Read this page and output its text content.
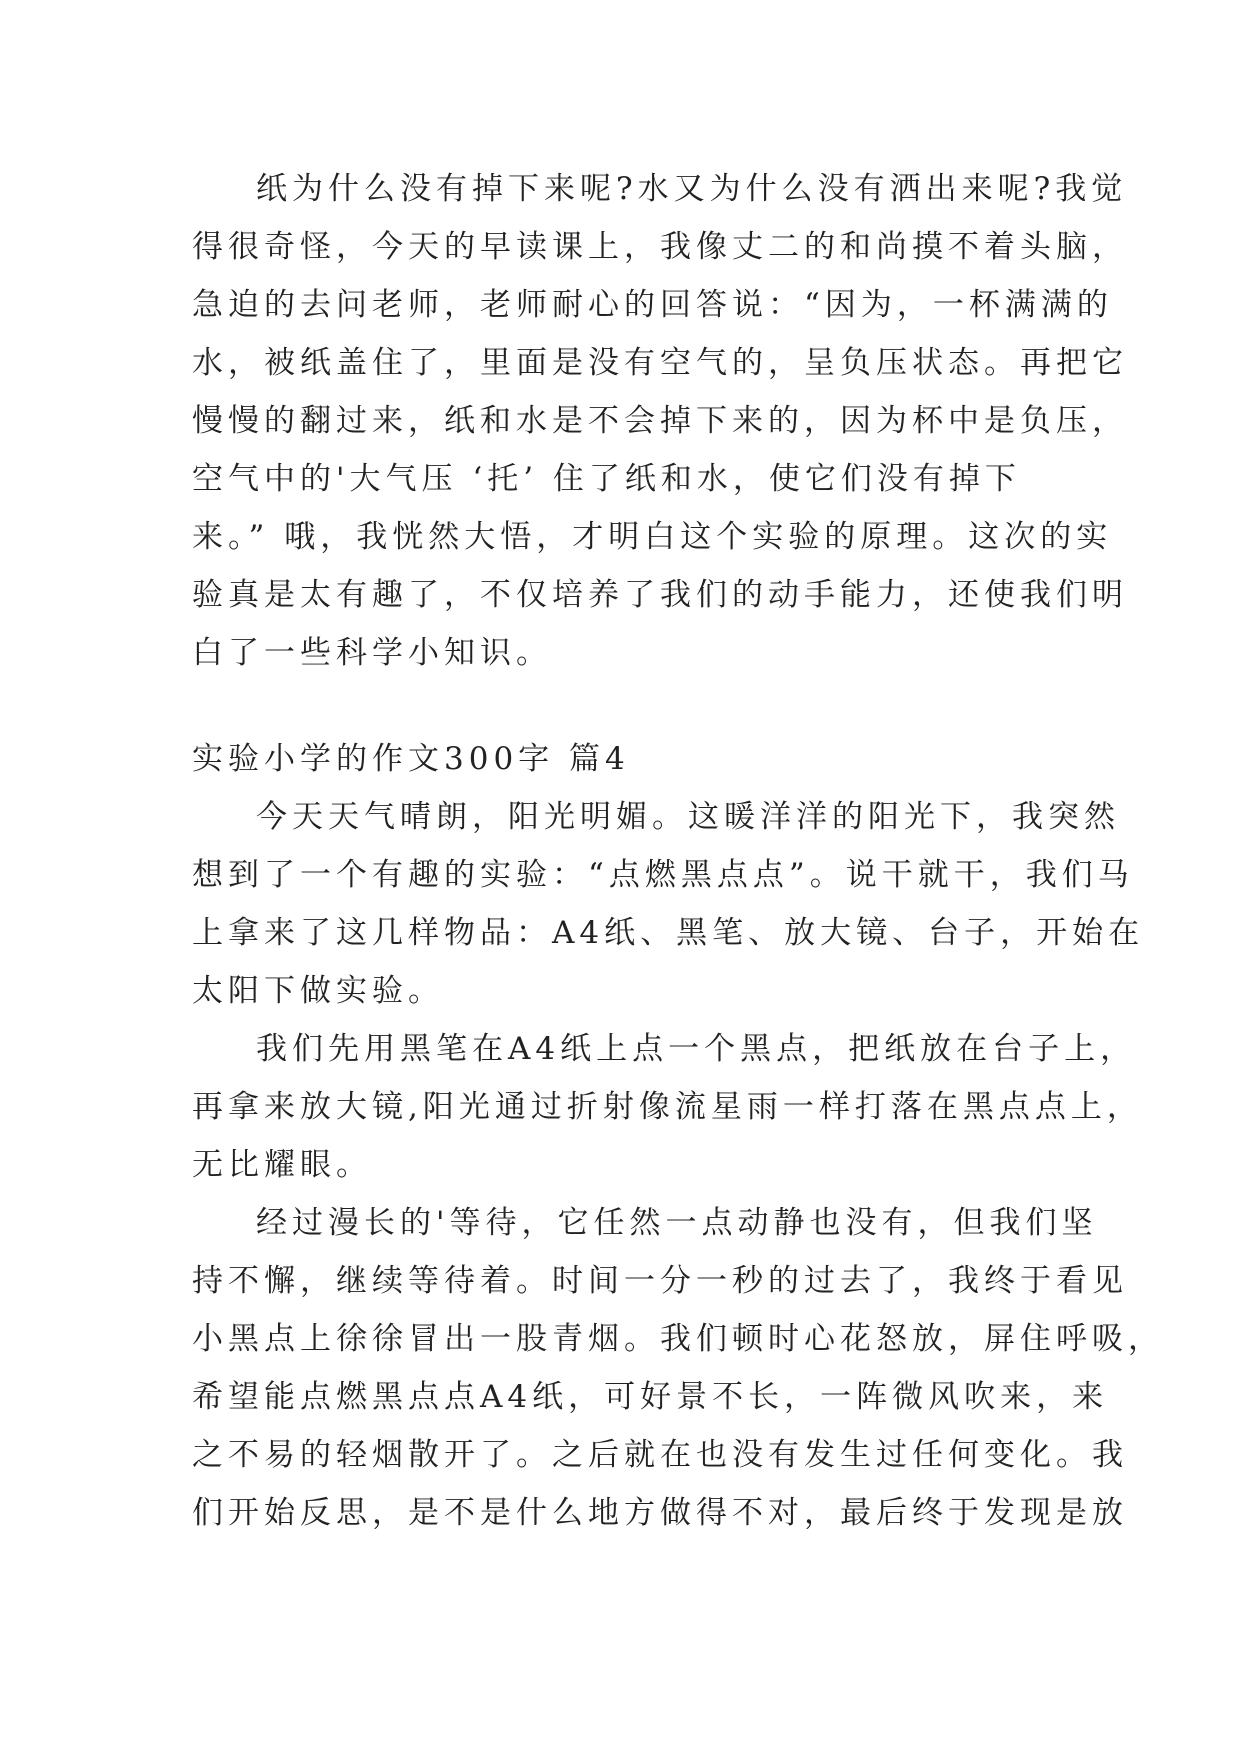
纸为什么没有掉下来呢?水又为什么没有洒出来呢?我觉
得很奇怪，今天的早读课上，我像丈二的和尚摸不着头脑，
急迫的去问老师，老师耐心的回答说：“因为，一杯满满的
水，被纸盖住了，里面是没有空气的，呈负压状态。再把它
慢慢的翻过来，纸和水是不会掉下来的，因为杯中是负压，
空气中的'大气压 ‘托’ 住了纸和水，使它们没有掉下
来。” 哦，我恍然大悟，才明白这个实验的原理。这次的实
验真是太有趣了，不仅培养了我们的动手能力，还使我们明
白了一些科学小知识。
实验小学的作文300字 篇4
今天天气晴朗，阳光明媚。这暖洋洋的阳光下，我突然
想到了一个有趣的实验：“点燃黑点点”。说干就干，我们马
上拿来了这几样物品：A4纸、黑笔、放大镜、台子，开始在
太阳下做实验。
我们先用黑笔在A4纸上点一个黑点，把纸放在台子上，
再拿来放大镜,阳光通过折射像流星雨一样打落在黑点点上，
无比耀眼。
经过漫长的'等待，它任然一点动静也没有，但我们坚
持不懈，继续等待着。时间一分一秒的过去了，我终于看见
小黑点上徐徐冒出一股青烟。我们顿时心花怒放，屏住呼吸，
希望能点燃黑点点A4纸，可好景不长，一阵微风吹来，来
之不易的轻烟散开了。之后就在也没有发生过任何变化。我
们开始反思，是不是什么地方做得不对，最后终于发现是放
